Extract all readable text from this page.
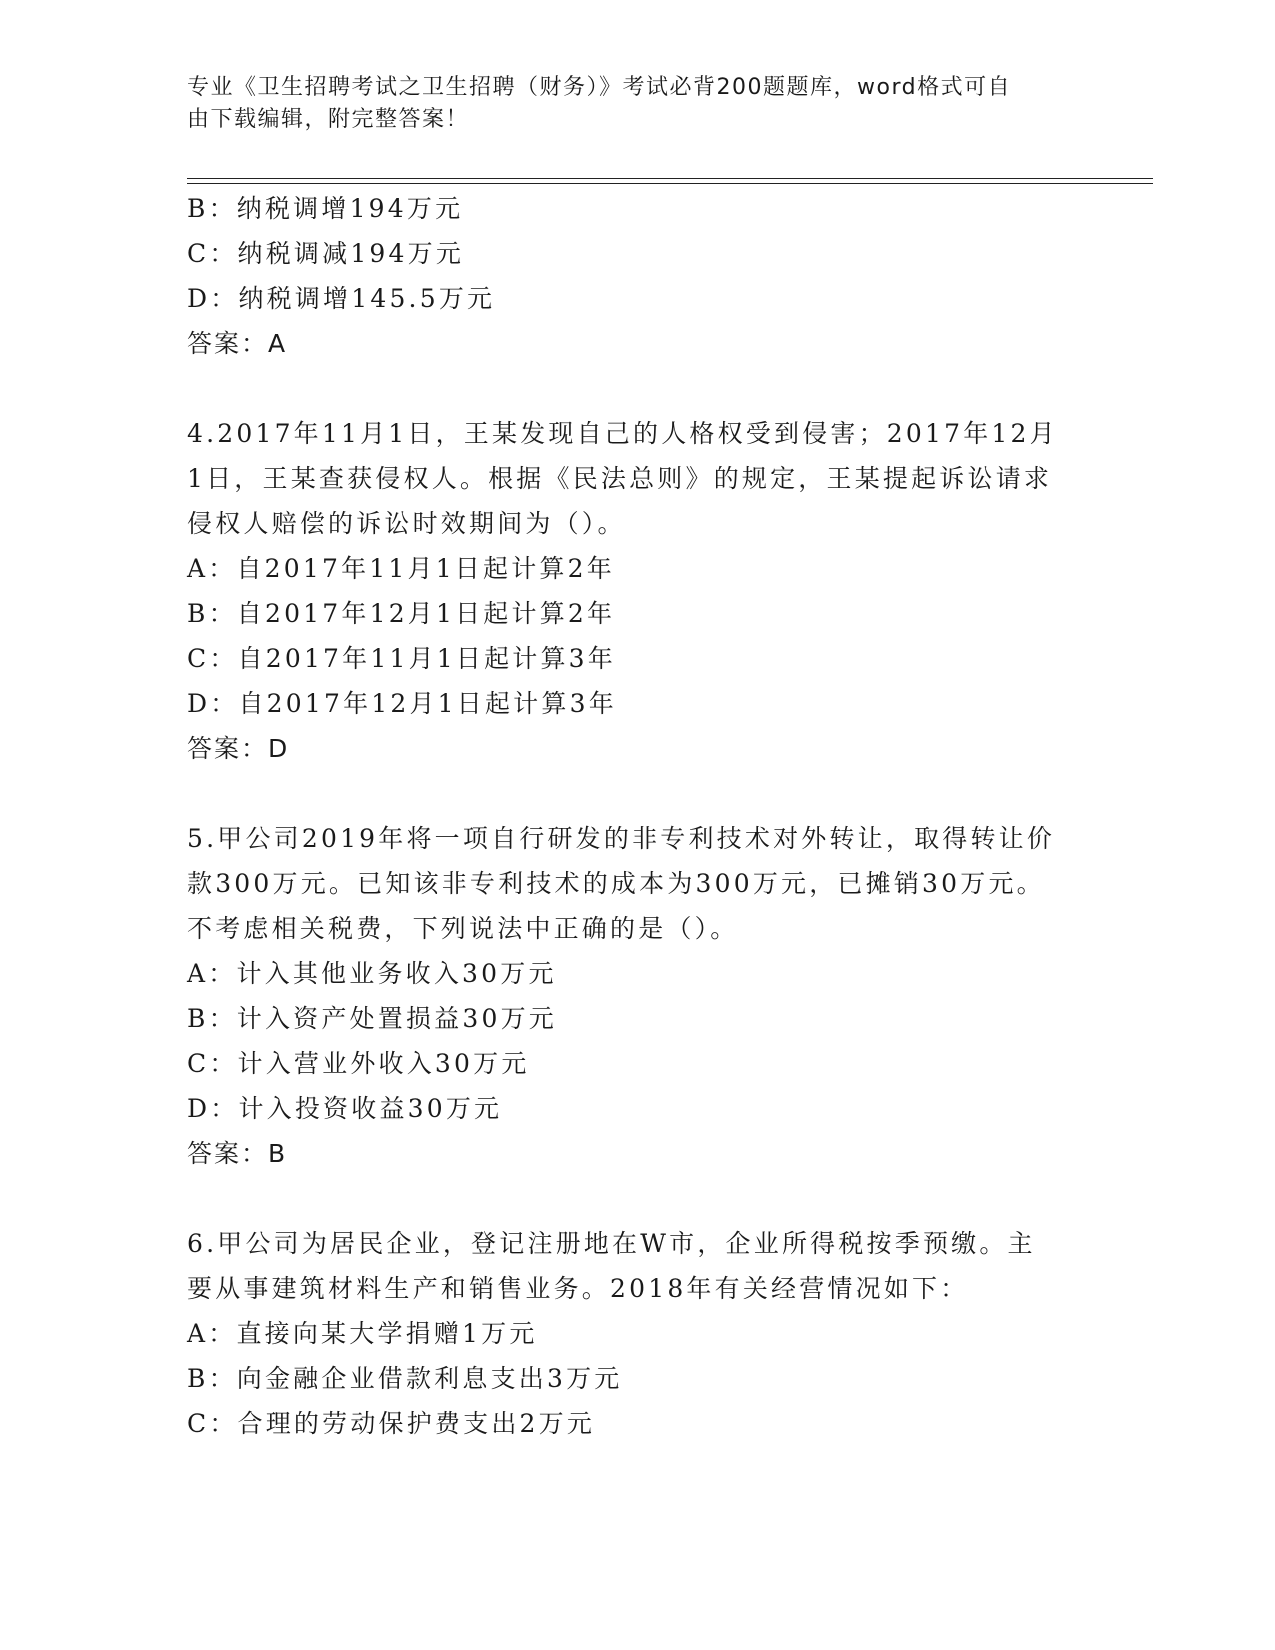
专业《卫生招聘考试之卫生招聘（财务）》考试必背200题题库，word格式可自
由下载编辑，附完整答案！
B：纳税调增194万元
C：纳税调减194万元
D：纳税调增145.5万元
答案：A
4.2017年11月1日，王某发现自己的人格权受到侵害；2017年12月
1日，王某查获侵权人。根据《民法总则》的规定，王某提起诉讼请求
侵权人赔偿的诉讼时效期间为（）。
A：自2017年11月1日起计算2年
B：自2017年12月1日起计算2年
C：自2017年11月1日起计算3年
D：自2017年12月1日起计算3年
答案：D
5.甲公司2019年将一项自行研发的非专利技术对外转让，取得转让价
款300万元。已知该非专利技术的成本为300万元，已摊销30万元。
不考虑相关税费，下列说法中正确的是（）。
A：计入其他业务收入30万元
B：计入资产处置损益30万元
C：计入营业外收入30万元
D：计入投资收益30万元
答案：B
6.甲公司为居民企业，登记注册地在W市，企业所得税按季预缴。主
要从事建筑材料生产和销售业务。2018年有关经营情况如下：
A：直接向某大学捐赠1万元
B：向金融企业借款利息支出3万元
C：合理的劳动保护费支出2万元
